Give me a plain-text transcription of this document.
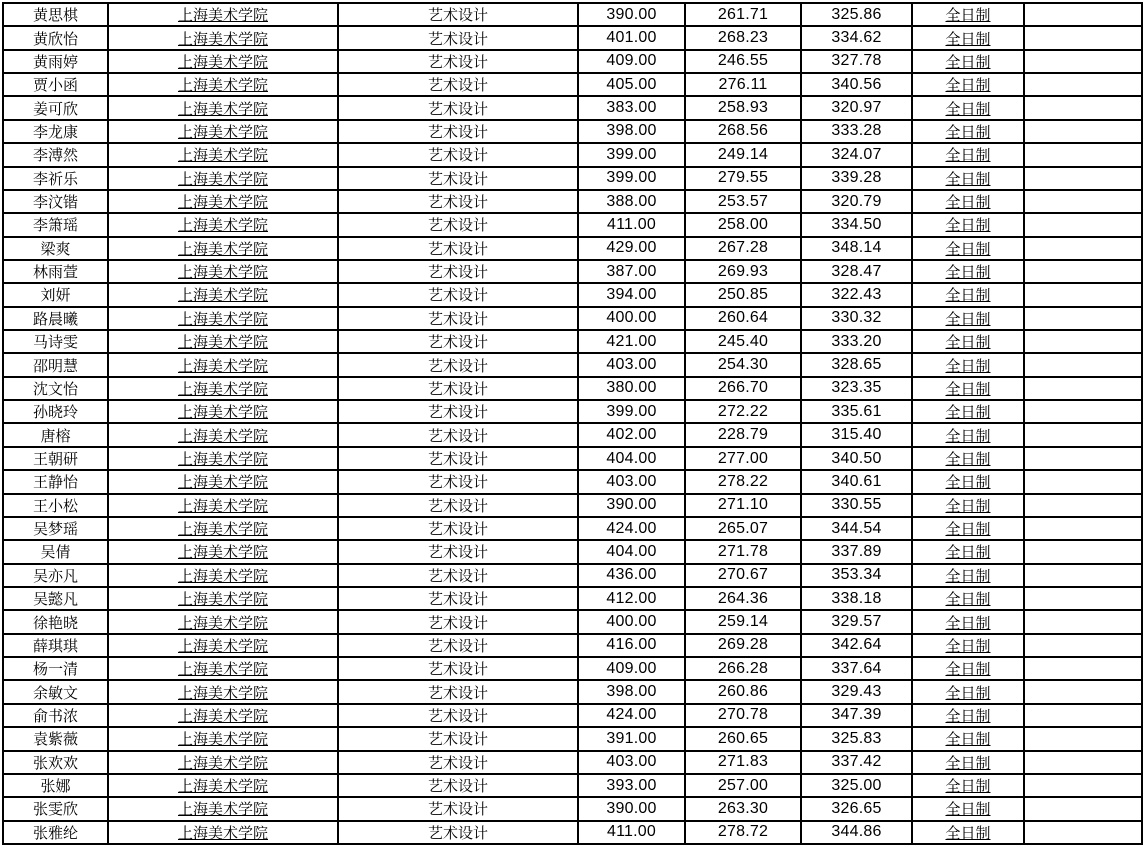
黄思棋	上海美术学院	艺术设计	390.00	261.71	325.86	全日制
黄欣怡	上海美术学院	艺术设计	401.00	268.23	334.62	全日制
黄雨婷	上海美术学院	艺术设计	409.00	246.55	327.78	全日制
贾小函	上海美术学院	艺术设计	405.00	276.11	340.56	全日制
姜可欣	上海美术学院	艺术设计	383.00	258.93	320.97	全日制
李龙康	上海美术学院	艺术设计	398.00	268.56	333.28	全日制
李溥然	上海美术学院	艺术设计	399.00	249.14	324.07	全日制
李祈乐	上海美术学院	艺术设计	399.00	279.55	339.28	全日制
李汶锴	上海美术学院	艺术设计	388.00	253.57	320.79	全日制
李箫瑶	上海美术学院	艺术设计	411.00	258.00	334.50	全日制
梁爽	上海美术学院	艺术设计	429.00	267.28	348.14	全日制
林雨萱	上海美术学院	艺术设计	387.00	269.93	328.47	全日制
刘妍	上海美术学院	艺术设计	394.00	250.85	322.43	全日制
路晨曦	上海美术学院	艺术设计	400.00	260.64	330.32	全日制
马诗雯	上海美术学院	艺术设计	421.00	245.40	333.20	全日制
邵明慧	上海美术学院	艺术设计	403.00	254.30	328.65	全日制
沈文怡	上海美术学院	艺术设计	380.00	266.70	323.35	全日制
孙晓玲	上海美术学院	艺术设计	399.00	272.22	335.61	全日制
唐榕	上海美术学院	艺术设计	402.00	228.79	315.40	全日制
王朝研	上海美术学院	艺术设计	404.00	277.00	340.50	全日制
王静怡	上海美术学院	艺术设计	403.00	278.22	340.61	全日制
王小松	上海美术学院	艺术设计	390.00	271.10	330.55	全日制
吴梦瑶	上海美术学院	艺术设计	424.00	265.07	344.54	全日制
吴倩	上海美术学院	艺术设计	404.00	271.78	337.89	全日制
吴亦凡	上海美术学院	艺术设计	436.00	270.67	353.34	全日制
吴懿凡	上海美术学院	艺术设计	412.00	264.36	338.18	全日制
徐艳晓	上海美术学院	艺术设计	400.00	259.14	329.57	全日制
薛琪琪	上海美术学院	艺术设计	416.00	269.28	342.64	全日制
杨一清	上海美术学院	艺术设计	409.00	266.28	337.64	全日制
余敏文	上海美术学院	艺术设计	398.00	260.86	329.43	全日制
俞书浓	上海美术学院	艺术设计	424.00	270.78	347.39	全日制
袁紫薇	上海美术学院	艺术设计	391.00	260.65	325.83	全日制
张欢欢	上海美术学院	艺术设计	403.00	271.83	337.42	全日制
张娜	上海美术学院	艺术设计	393.00	257.00	325.00	全日制
张雯欣	上海美术学院	艺术设计	390.00	263.30	326.65	全日制
张雅纶	上海美术学院	艺术设计	411.00	278.72	344.86	全日制
